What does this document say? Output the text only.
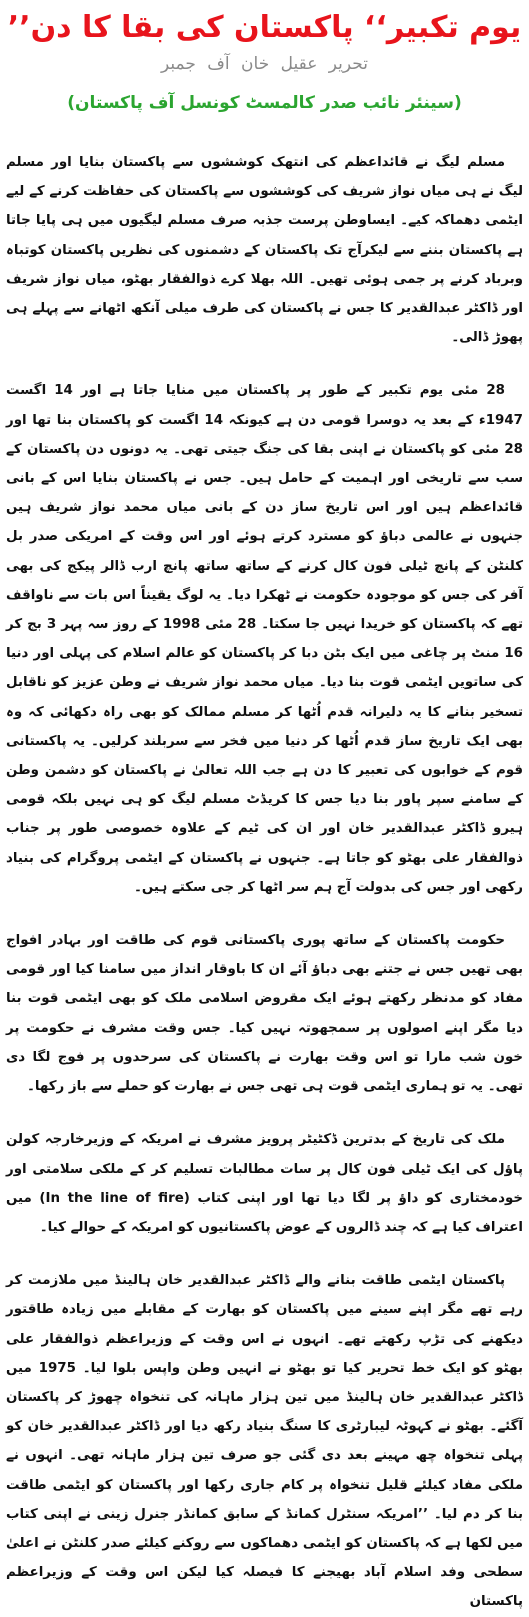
’’یوم تکبیر‘‘ پاکستان کی بقا کا دن
تحریر عقیل خان آف جمبر
(سینئر نائب صدر کالمسٹ کونسل آف پاکستان)

مسلم لیگ نے قائداعظم کی انتھک کوششوں سے پاکستان بنایا اور مسلم لیگ نے ہی میاں نواز شریف کی کوششوں سے پاکستان کی حفاظت کرنے کے لیے ایٹمی دھماکہ کیے۔ ایساوطن پرست جذبہ صرف مسلم لیگیوں میں ہی پایا جاتا ہے پاکستان بننے سے لیکرآج تک پاکستان کے دشمنوں کی نظریں پاکستان کوتباہ وبرباد کرنے پر جمی ہوئی تھیں۔ اللہ بھلا کرے ذوالفقار بھٹو، میاں نواز شریف اور ڈاکٹر عبدالقدیر کا جس نے پاکستان کی طرف میلی آنکھ اٹھانے سے پہلے ہی پھوڑ ڈالی۔

28 مئی یوم تکبیر کے طور پر پاکستان میں منایا جاتا ہے اور 14 اگست 1947ء کے بعد یہ دوسرا قومی دن ہے کیونکہ 14 اگست کو پاکستان بنا تھا اور 28 مئی کو پاکستان نے اپنی بقا کی جنگ جیتی تھی۔ یہ دونوں دن پاکستان کے سب سے تاریخی اور اہمیت کے حامل ہیں۔ جس نے پاکستان بنایا اس کے بانی قائداعظم ہیں اور اس تاریخ ساز دن کے بانی میاں محمد نواز شریف ہیں جنہوں نے عالمی دباؤ کو مسترد کرتے ہوئے اور اس وقت کے امریکی صدر بل کلنٹن کے پانچ ٹیلی فون کال کرنے کے ساتھ ساتھ پانچ ارب ڈالر پیکج کی بھی آفر کی جس کو موجودہ حکومت نے ٹھکرا دیا۔ یہ لوگ یقیناً اس بات سے ناواقف تھے کہ پاکستان کو خریدا نہیں جا سکتا۔ 28 مئی 1998 کے روز سہ پہر 3 بج کر 16 منٹ پر چاغی میں ایک بٹن دبا کر پاکستان کو عالم اسلام کی پہلی اور دنیا کی ساتویں ایٹمی قوت بنا دیا۔ میاں محمد نواز شریف نے وطن عزیز کو ناقابل تسخیر بنانے کا یہ دلیرانہ قدم اُٹھا کر مسلم ممالک کو بھی راہ دکھائی کہ وہ بھی ایک تاریخ ساز قدم اُٹھا کر دنیا میں فخر سے سربلند کرلیں۔ یہ پاکستانی قوم کے خوابوں کی تعبیر کا دن ہے جب اللہ تعالیٰ نے پاکستان کو دشمن وطن کے سامنے سپر پاور بنا دیا جس کا کریڈٹ مسلم لیگ کو ہی نہیں بلکہ قومی ہیرو ڈاکٹر عبدالقدیر خان اور ان کی ٹیم کے علاوہ خصوصی طور پر جناب ذوالفقار علی بھٹو کو جاتا ہے۔ جنہوں نے پاکستان کے ایٹمی پروگرام کی بنیاد رکھی اور جس کی بدولت آج ہم سر اٹھا کر جی سکتے ہیں۔

حکومت پاکستان کے ساتھ پوری پاکستانی قوم کی طاقت اور بہادر افواج بھی تھیں جس نے جتنے بھی دباؤ آئے ان کا باوقار انداز میں سامنا کیا اور قومی مفاد کو مدنظر رکھتے ہوئے ایک مقروض اسلامی ملک کو بھی ایٹمی قوت بنا دیا مگر اپنے اصولوں پر سمجھوتہ نہیں کیا۔ جس وقت مشرف نے حکومت پر خون شب مارا تو اس وقت بھارت نے پاکستان کی سرحدوں پر فوج لگا دی تھی۔ یہ تو ہماری ایٹمی قوت ہی تھی جس نے بھارت کو حملے سے باز رکھا۔

ملک کی تاریخ کے بدترین ڈکٹیٹر پرویز مشرف نے امریکہ کے وزیرخارجہ کولن پاؤل کی ایک ٹیلی فون کال پر سات مطالبات تسلیم کر کے ملکی سلامتی اور خودمختاری کو داؤ پر لگا دیا تھا اور اپنی کتاب (In the line of fire) میں اعتراف کیا ہے کہ چند ڈالروں کے عوض پاکستانیوں کو امریکہ کے حوالے کیا۔

پاکستان ایٹمی طاقت بنانے والے ڈاکٹر عبدالقدیر خان ہالینڈ میں ملازمت کر رہے تھے مگر اپنے سینے میں پاکستان کو بھارت کے مقابلے میں زیادہ طاقتور دیکھنے کی تڑپ رکھتے تھے۔ انہوں نے اس وقت کے وزیراعظم ذوالفقار علی بھٹو کو ایک خط تحریر کیا تو بھٹو نے انہیں وطن واپس بلوا لیا۔ 1975 میں ڈاکٹر عبدالقدیر خان ہالینڈ میں تین ہزار ماہانہ کی تنخواہ چھوڑ کر پاکستان آگئے۔ بھٹو نے کہوٹہ لیبارٹری کا سنگ بنیاد رکھ دیا اور ڈاکٹر عبدالقدیر خان کو پہلی تنخواہ چھ مہینے بعد دی گئی جو صرف تین ہزار ماہانہ تھی۔ انہوں نے ملکی مفاد کیلئے قلیل تنخواہ پر کام جاری رکھا اور پاکستان کو ایٹمی طاقت بنا کر دم لیا۔ ’’امریکہ سنٹرل کمانڈ کے سابق کمانڈر جنرل زینی نے اپنی کتاب میں لکھا ہے کہ پاکستان کو ایٹمی دھماکوں سے روکنے کیلئے صدر کلنٹن نے اعلیٰ سطحی وفد اسلام آباد بھیجنے کا فیصلہ کیا لیکن اس وقت کے وزیراعظم پاکستان
